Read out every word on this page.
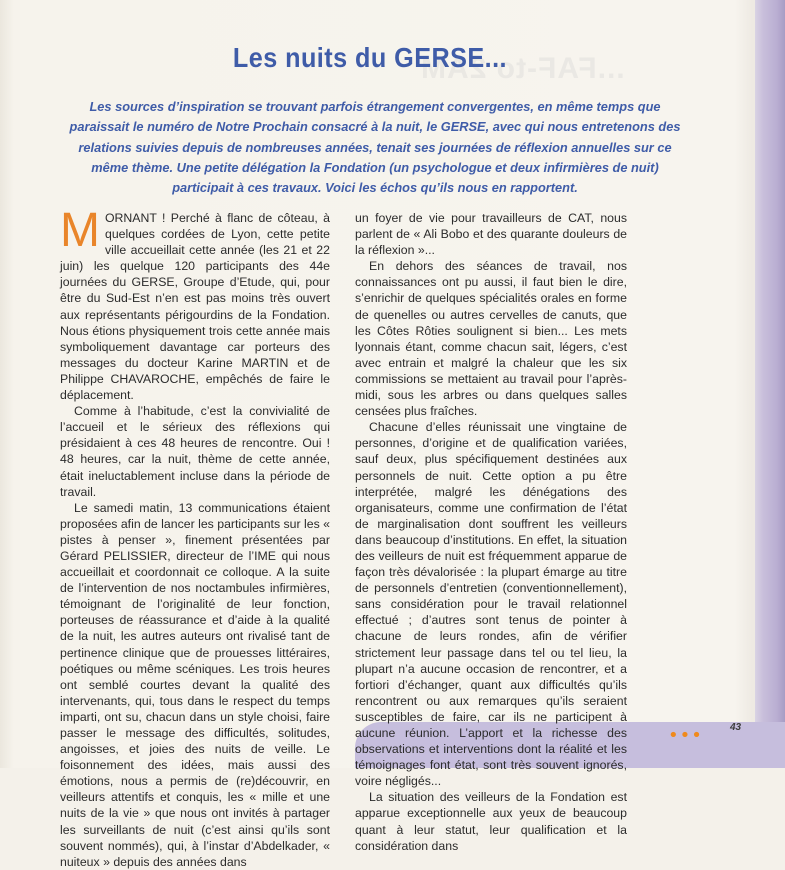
...FAF-to 2AM
Les nuits du GERSE...

Les sources d’inspiration se trouvant parfois étrangement convergentes, en même temps que paraissait le numéro de Notre Prochain consacré à la nuit, le GERSE, avec qui nous entretenons des relations suivies depuis de nombreuses années, tenait ses journées de réflexion annuelles sur ce même thème. Une petite délégation la Fondation (un psychologue et deux infirmières de nuit) participait à ces travaux. Voici les échos qu’ils nous en rapportent.

MORNANT ! Perché à flanc de côteau, à quelques cordées de Lyon, cette petite ville accueillait cette année (les 21 et 22 juin) les quelque 120 participants des 44e journées du GERSE, Groupe d’Etude, qui, pour être du Sud-Est n’en est pas moins très ouvert aux représentants périgourdins de la Fondation. Nous étions physiquement trois cette année mais symboliquement davantage car porteurs des messages du docteur Karine MARTIN et de Philippe CHAVAROCHE, empêchés de faire le déplacement.

Comme à l’habitude, c’est la convivialité de l’accueil et le sérieux des réflexions qui présidaient à ces 48 heures de rencontre. Oui ! 48 heures, car la nuit, thème de cette année, était ineluctablement incluse dans la période de travail.

Le samedi matin, 13 communications étaient proposées afin de lancer les participants sur les « pistes à penser », finement présentées par Gérard PELISSIER, directeur de l’IME qui nous accueillait et coordonnait ce colloque. A la suite de l’intervention de nos noctambules infirmières, témoignant de l’originalité de leur fonction, porteuses de réassurance et d’aide à la qualité de la nuit, les autres auteurs ont rivalisé tant de pertinence clinique que de prouesses littéraires, poétiques ou même scéniques. Les trois heures ont semblé courtes devant la qualité des intervenants, qui, tous dans le respect du temps imparti, ont su, chacun dans un style choisi, faire passer le message des difficultés, solitudes, angoisses, et joies des nuits de veille. Le foisonnement des idées, mais aussi des émotions, nous a permis de (re)découvrir, en veilleurs attentifs et conquis, les « mille et une nuits de la vie » que nous ont invités à partager les surveillants de nuit (c’est ainsi qu’ils sont souvent nommés), qui, à l’instar d’Abdelkader, « nuiteux » depuis des années dans

un foyer de vie pour travailleurs de CAT, nous parlent de « Ali Bobo et des quarante douleurs de la réflexion »...

En dehors des séances de travail, nos connaissances ont pu aussi, il faut bien le dire, s’enrichir de quelques spécialités orales en forme de quenelles ou autres cervelles de canuts, que les Côtes Rôties soulignent si bien... Les mets lyonnais étant, comme chacun sait, légers, c’est avec entrain et malgré la chaleur que les six commissions se mettaient au travail pour l’après-midi, sous les arbres ou dans quelques salles censées plus fraîches.

Chacune d’elles réunissait une vingtaine de personnes, d’origine et de qualification variées, sauf deux, plus spécifiquement destinées aux personnels de nuit. Cette option a pu être interprétée, malgré les dénégations des organisateurs, comme une confirmation de l’état de marginalisation dont souffrent les veilleurs dans beaucoup d’institutions. En effet, la situation des veilleurs de nuit est fréquemment apparue de façon très dévalorisée : la plupart émarge au titre de personnels d’entretien (conventionnellement), sans considération pour le travail relationnel effectué ; d’autres sont tenus de pointer à chacune de leurs rondes, afin de vérifier strictement leur passage dans tel ou tel lieu, la plupart n’a aucune occasion de rencontrer, et a fortiori d’échanger, quant aux difficultés qu’ils rencontrent ou aux remarques qu’ils seraient susceptibles de faire, car ils ne participent à aucune réunion. L’apport et la richesse des observations et interventions dont la réalité et les témoignages font état, sont très souvent ignorés, voire négligés...

La situation des veilleurs de la Fondation est apparue exceptionnelle aux yeux de beaucoup quant à leur statut, leur qualification et la considération dans

•••	43
